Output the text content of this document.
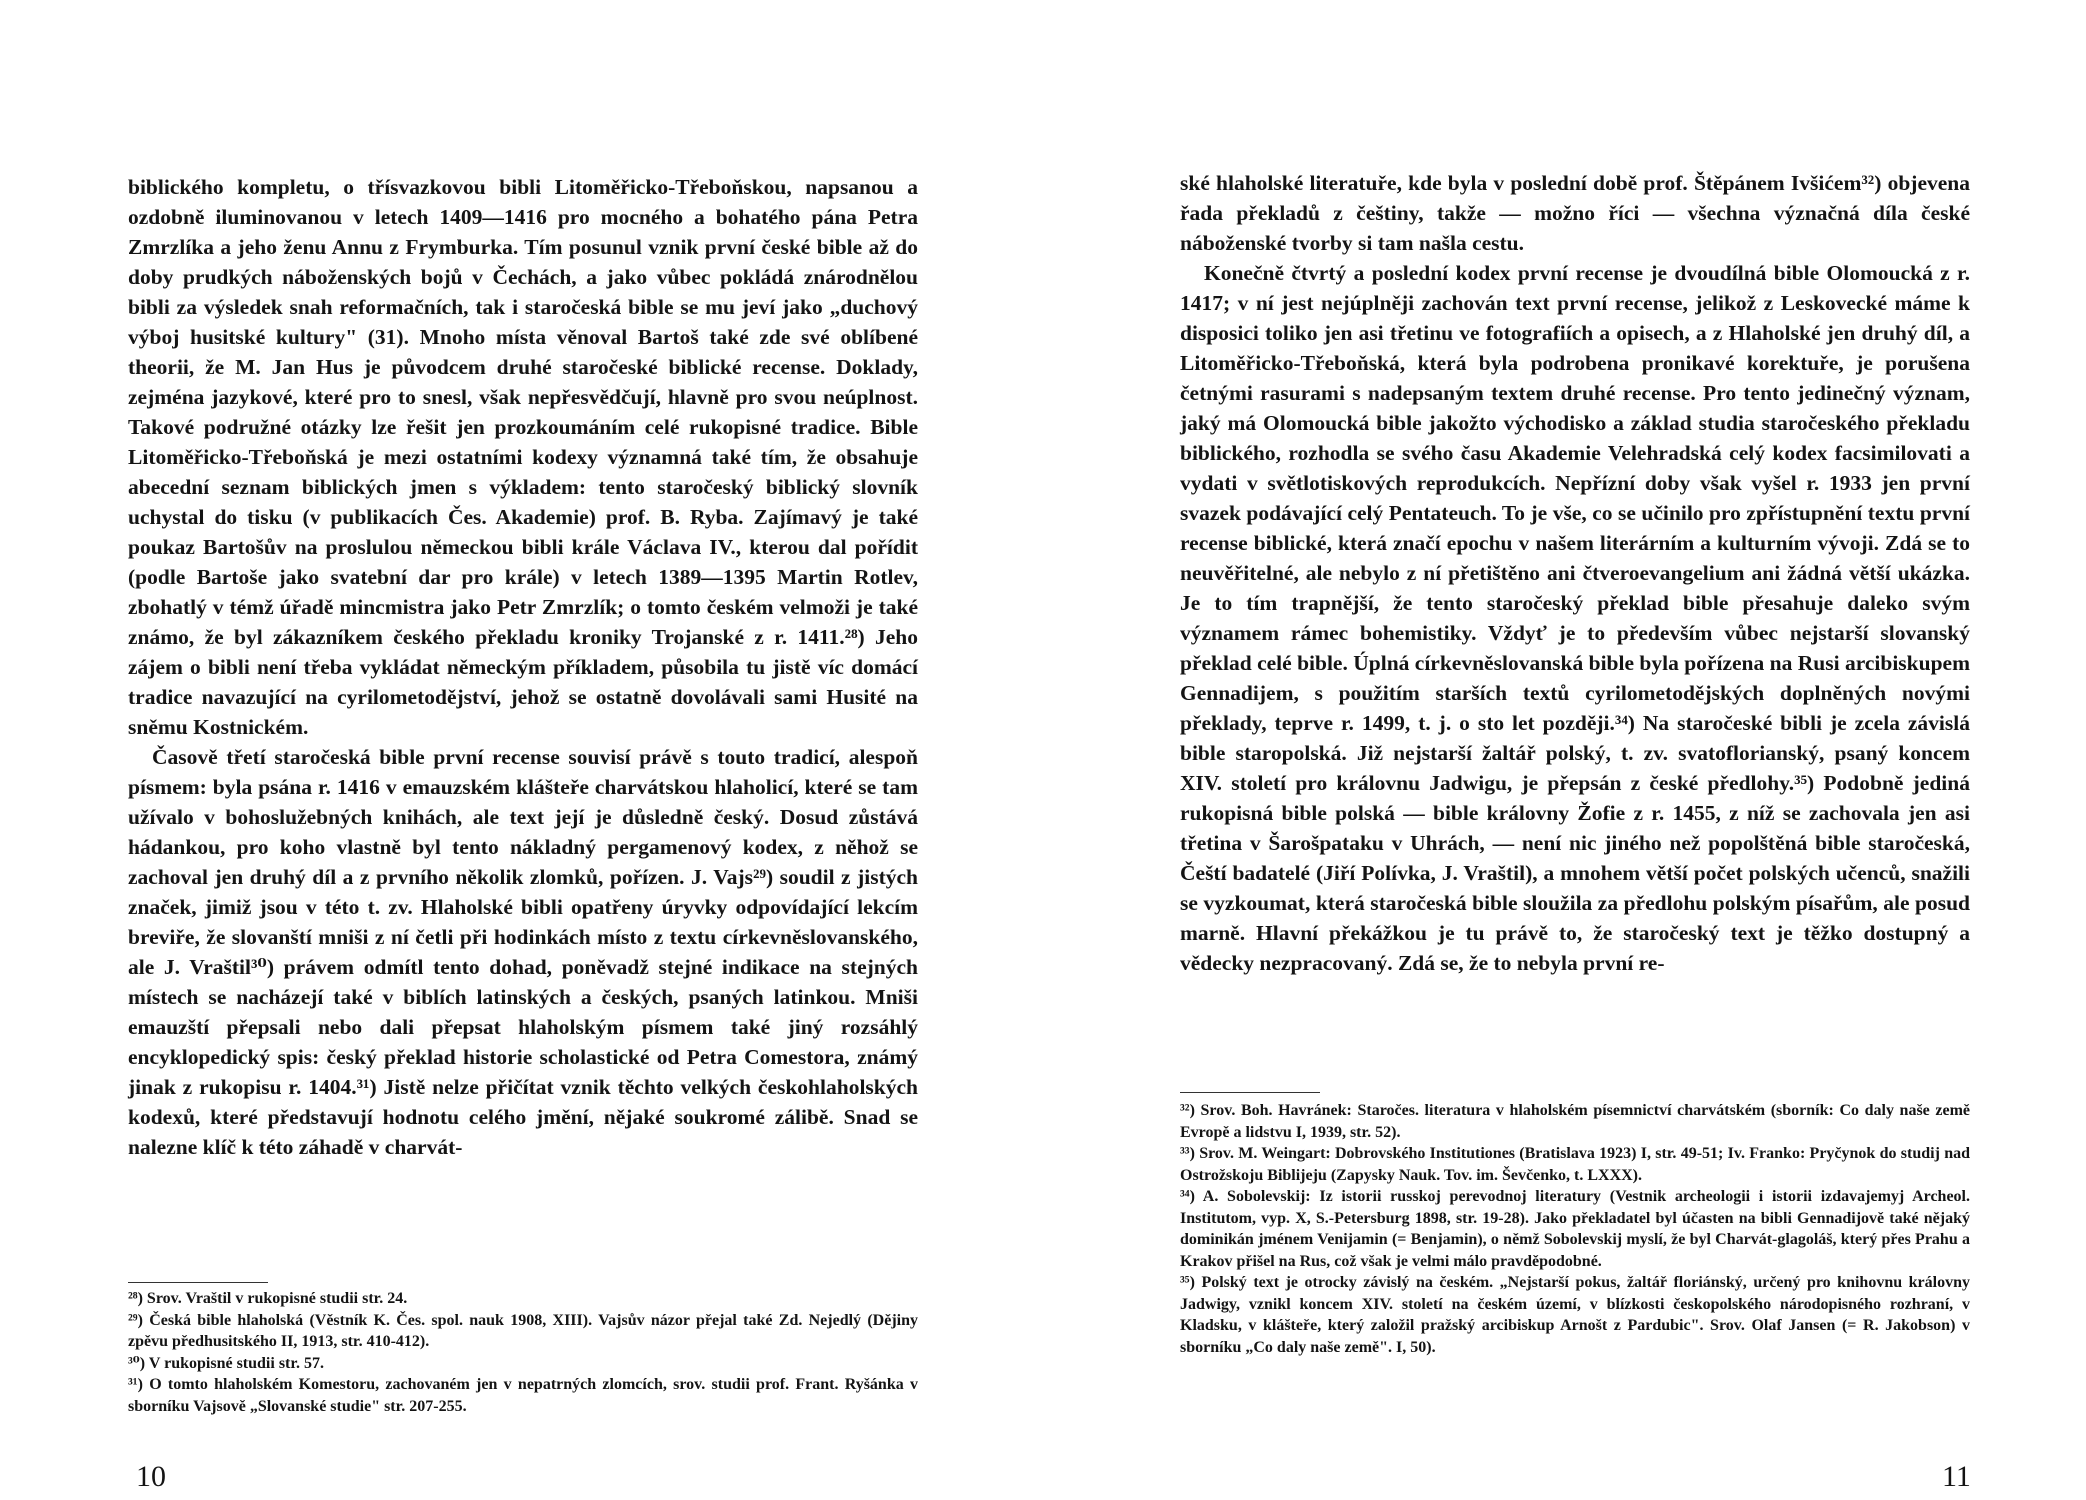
biblického kompletu, o třísvazkovou bibli Litoměřicko-Třeboňskou, napsanou a ozdobně iluminovanou v letech 1409—1416 pro mocného a bohatého pána Petra Zmrzlíka a jeho ženu Annu z Frymburka. Tím posunul vznik první české bible až do doby prudkých náboženských bojů v Čechách, a jako vůbec pokládá znárodnělou bibli za výsledek snah reformačních, tak i staročeská bible se mu jeví jako „duchový výboj husitské kultury" (31). Mnoho místa věnoval Bartoš také zde své oblíbené theorii, že M. Jan Hus je původcem druhé staročeské biblické recense. Doklady, zejména jazykové, které pro to snesl, však nepřesvědčují, hlavně pro svou neúplnost. Takové podružné otázky lze řešit jen prozkoumáním celé rukopisné tradice. Bible Litoměřicko-Třeboňská je mezi ostatními kodexy významná také tím, že obsahuje abecední seznam biblických jmen s výkladem: tento staročeský biblický slovník uchystal do tisku (v publikacích Čes. Akademie) prof. B. Ryba. Zajímavý je také poukaz Bartošův na proslulou německou bibli krále Václava IV., kterou dal pořídit (podle Bartoše jako svatební dar pro krále) v letech 1389—1395 Martin Rotlev, zbohatlý v témž úřadě mincmistra jako Petr Zmrzlík; o tomto českém velmoži je také známo, že byl zákazníkem českého překladu kroniky Trojanské z r. 1411.²⁸) Jeho zájem o bibli není třeba vykládat německým příkladem, působila tu jistě víc domácí tradice navazující na cyrilometodějství, jehož se ostatně dovolávali sami Husité na sněmu Kostnickém.

Časově třetí staročeská bible první recense souvisí právě s touto tradicí, alespoň písmem: byla psána r. 1416 v emauzském klášteře charvátskou hlaholicí, které se tam užívalo v bohoslužebných knihách, ale text její je důsledně český. Dosud zůstává hádankou, pro koho vlastně byl tento nákladný pergamenový kodex, z něhož se zachoval jen druhý díl a z prvního několik zlomků, pořízen. J. Vajs²⁹) soudil z jistých značek, jimiž jsou v této t. zv. Hlaholské bibli opatřeny úryvky odpovídající lekcím breviře, že slovanští mniši z ní četli při hodinkách místo z textu církevněslovanského, ale J. Vraštil³⁰) právem odmítl tento dohad, poněvadž stejné indikace na stejných místech se nacházejí také v biblích latinských a českých, psaných latinkou. Mniši emauzští přepsali nebo dali přepsat hlaholským písmem také jiný rozsáhlý encyklopedický spis: český překlad historie scholastické od Petra Comestora, známý jinak z rukopisu r. 1404.³¹) Jistě nelze přičítat vznik těchto velkých českohlaholských kodexů, které představují hodnotu celého jmění, nějaké soukromé zálibě. Snad se nalezne klíč k této záhadě v charvát-

²⁸) Srov. Vraštil v rukopisné studii str. 24.

²⁹) Česká bible hlaholská (Věstník K. Čes. spol. nauk 1908, XIII). Vajsův názor přejal také Zd. Nejedlý (Dějiny zpěvu předhusitského II, 1913, str. 410-412).

³⁰) V rukopisné studii str. 57.

³¹) O tomto hlaholském Komestoru, zachovaném jen v nepatrných zlomcích, srov. studii prof. Frant. Ryšánka v sborníku Vajsově „Slovanské studie" str. 207-255.

10

ské hlaholské literatuře, kde byla v poslední době prof. Štěpánem Ivšićem³²) objevena řada překladů z češtiny, takže — možno říci — všechna význačná díla české náboženské tvorby si tam našla cestu.

Konečně čtvrtý a poslední kodex první recense je dvoudílná bible Olomoucká z r. 1417; v ní jest nejúplněji zachován text první recense, jelikož z Leskovecké máme k disposici toliko jen asi třetinu ve fotografiích a opisech, a z Hlaholské jen druhý díl, a Litoměřicko-Třeboňská, která byla podrobena pronikavé korektuře, je porušena četnými rasurami s nadepsaným textem druhé recense. Pro tento jedinečný význam, jaký má Olomoucká bible jakožto východisko a základ studia staročeského překladu biblického, rozhodla se svého času Akademie Velehradská celý kodex facsimilovati a vydati v světlotiskových reprodukcích. Nepřízní doby však vyšel r. 1933 jen první svazek podávající celý Pentateuch. To je vše, co se učinilo pro zpřístupnění textu první recense biblické, která značí epochu v našem literárním a kulturním vývoji. Zdá se to neuvěřitelné, ale nebylo z ní přetištěno ani čtveroevangelium ani žádná větší ukázka. Je to tím trapnější, že tento staročeský překlad bible přesahuje daleko svým významem rámec bohemistiky. Vždyť je to především vůbec nejstarší slovanský překlad celé bible. Úplná církevněslovanská bible byla pořízena na Rusi arcibiskupem Gennadijem, s použitím starších textů cyrilometodějských doplněných novými překlady, teprve r. 1499, t. j. o sto let později.³⁴) Na staročeské bibli je zcela závislá bible staropolská. Již nejstarší žaltář polský, t. zv. svatoflorianský, psaný koncem XIV. století pro královnu Jadwigu, je přepsán z české předlohy.³⁵) Podobně jediná rukopisná bible polská — bible královny Žofie z r. 1455, z níž se zachovala jen asi třetina v Šarošpataku v Uhrách, — není nic jiného než popolštěná bible staročeská, Čeští badatelé (Jiří Polívka, J. Vraštil), a mnohem větší počet polských učenců, snažili se vyzkoumat, která staročeská bible sloužila za předlohu polským písařům, ale posud marně. Hlavní překážkou je tu právě to, že staročeský text je těžko dostupný a vědecky nezpracovaný. Zdá se, že to nebyla první re-

³²) Srov. Boh. Havránek: Staročes. literatura v hlaholském písemnictví charvátském (sborník: Co daly naše země Evropě a lidstvu I, 1939, str. 52).

³³) Srov. M. Weingart: Dobrovského Institutiones (Bratislava 1923) I, str. 49-51; Iv. Franko: Pryčynok do studij nad Ostrožskoju Biblijeju (Zapysky Nauk. Tov. im. Ševčenko, t. LXXX).

³⁴) A. Sobolevskij: Iz istorii russkoj perevodnoj literatury (Vestnik archeologii i istorii izdavajemyj Archeol. Institutom, vyp. X, S.-Petersburg 1898, str. 19-28). Jako překladatel byl účasten na bibli Gennadijově také nějaký dominikán jménem Venijamin (= Benjamin), o němž Sobolevskij myslí, že byl Charvát-glagoláš, který přes Prahu a Krakov přišel na Rus, což však je velmi málo pravděpodobné.

³⁵) Polský text je otrocky závislý na českém. „Nejstarší pokus, žaltář floriánský, určený pro knihovnu královny Jadwigy, vznikl koncem XIV. století na českém území, v blízkosti českopolského národopisného rozhraní, v Kladsku, v klášteře, který založil pražský arcibiskup Arnošt z Pardubic". Srov. Olaf Jansen (= R. Jakobson) v sborníku „Co daly naše země". I, 50).

11
